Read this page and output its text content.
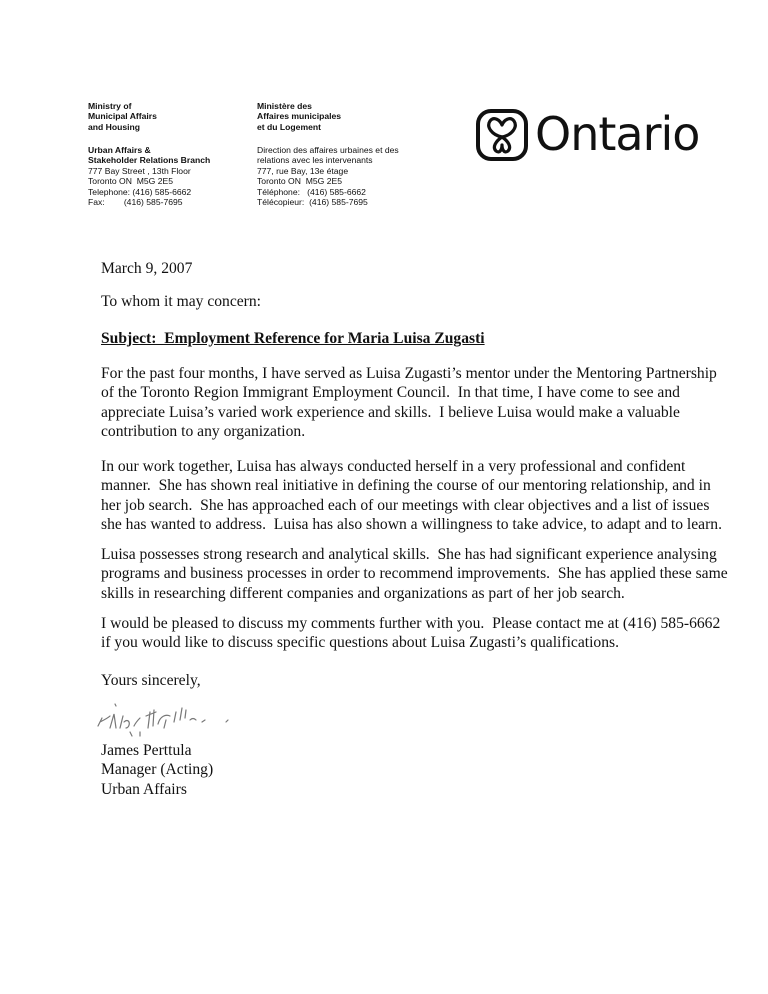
Ministry of
Municipal Affairs
and Housing
Ministère des
Affaires municipales
et du Logement
Urban Affairs &
Stakeholder Relations Branch
777 Bay Street , 13th Floor
Toronto ON  M5G 2E5
Telephone: (416) 585-6662
Fax:        (416) 585-7695
Direction des affaires urbaines et des
relations avec les intervenants
777, rue Bay, 13e étage
Toronto ON  M5G 2E5
Téléphone:   (416) 585-6662
Télécopieur:  (416) 585-7695
Ontario
March 9, 2007
To whom it may concern:
Subject:  Employment Reference for Maria Luisa Zugasti
For the past four months, I have served as Luisa Zugasti’s mentor under the Mentoring Partnership
of the Toronto Region Immigrant Employment Council.  In that time, I have come to see and
appreciate Luisa’s varied work experience and skills.  I believe Luisa would make a valuable
contribution to any organization.
In our work together, Luisa has always conducted herself in a very professional and confident
manner.  She has shown real initiative in defining the course of our mentoring relationship, and in
her job search.  She has approached each of our meetings with clear objectives and a list of issues
she has wanted to address.  Luisa has also shown a willingness to take advice, to adapt and to learn.
Luisa possesses strong research and analytical skills.  She has had significant experience analysing
programs and business processes in order to recommend improvements.  She has applied these same
skills in researching different companies and organizations as part of her job search.
I would be pleased to discuss my comments further with you.  Please contact me at (416) 585-6662
if you would like to discuss specific questions about Luisa Zugasti’s qualifications.
Yours sincerely,
James Perttula
Manager (Acting)
Urban Affairs
